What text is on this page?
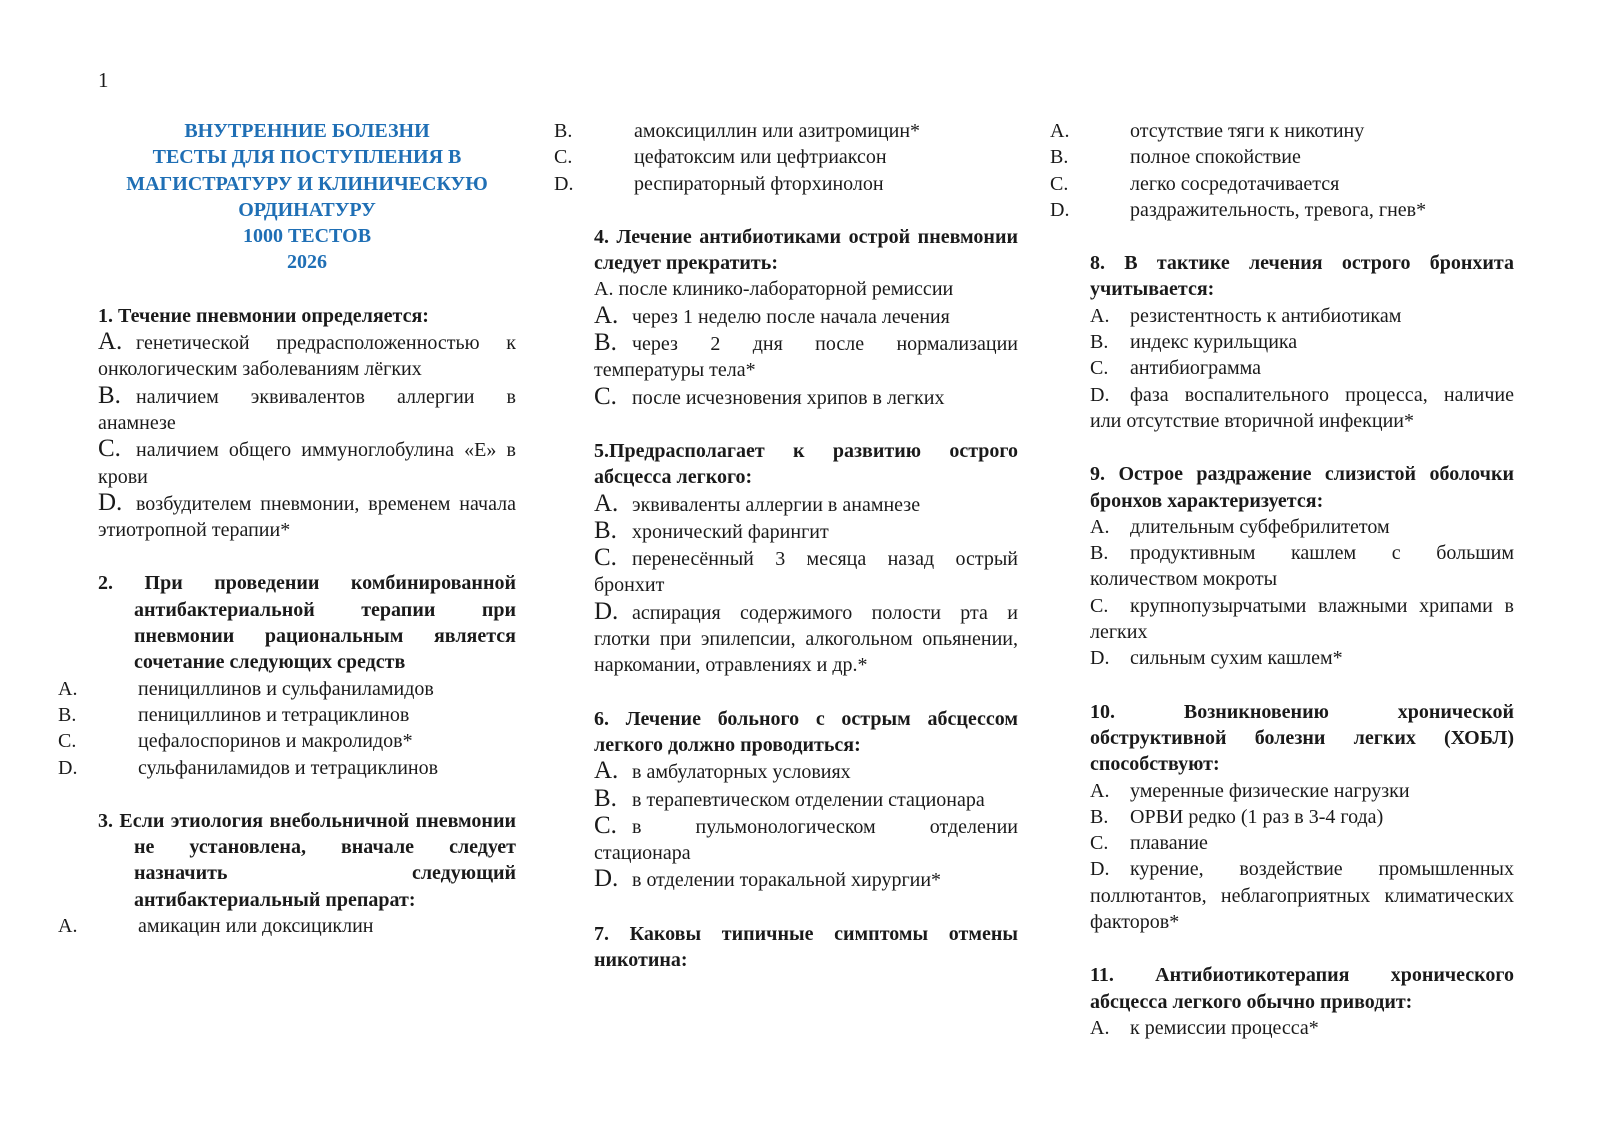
1
ВНУТРЕННИЕ БОЛЕЗНИ
ТЕСТЫ ДЛЯ ПОСТУПЛЕНИЯ В
МАГИСТРАТУРУ И КЛИНИЧЕСКУЮ
ОРДИНАТУРУ
1000 ТЕСТОВ
2026

1. Течение пневмонии определяется:

A. генетической предрасположенностью к онкологическим заболеваниям лёгких

B. наличием эквивалентов аллергии в анамнезе

C. наличием общего иммуноглобулина «Е» в крови

D. возбудителем пневмонии, временем начала этиотропной терапии*

2. При проведении комбинированной антибактериальной терапии при пневмонии рациональным является сочетание следующих средств

A.	пенициллинов и сульфаниламидов

B.	пенициллинов и тетрациклинов

C.	цефалоспоринов и макролидов*

D.	сульфаниламидов и тетрациклинов

3. Если этиология внебольничной пневмонии не установлена, вначале следует назначить следующий антибактериальный препарат:

A.	амикацин или доксициклин

B.	амоксициллин или азитромицин*

C.	цефатоксим или цефтриаксон

D.	респираторный фторхинолон

4. Лечение антибиотиками острой пневмонии следует прекратить:

A. после клинико-лабораторной ремиссии

A. через 1 неделю после начала лечения

B. через 2 дня после нормализации температуры тела*

C. после исчезновения хрипов в легких

5.Предрасполагает к развитию острого абсцесса легкого:

A. эквиваленты аллергии в анамнезе

B. хронический фарингит

C. перенесённый 3 месяца назад острый бронхит

D. аспирация содержимого полости рта и глотки при эпилепсии, алкогольном опьянении, наркомании, отравлениях и др.*

6. Лечение больного с острым абсцессом легкого должно проводиться:

A. в амбулаторных условиях

B. в терапевтическом отделении стационара

C. в пульмонологическом отделении стационара

D. в отделении торакальной хирургии*

7. Каковы типичные симптомы отмены никотина:

A.	отсутствие тяги к никотину

B.	полное спокойствие

C.	легко сосредотачивается

D.	раздражительность, тревога, гнев*

8. В тактике лечения острого бронхита учитывается:

A. резистентность к антибиотикам

B. индекс курильщика

C. антибиограмма

D. фаза воспалительного процесса, наличие или отсутствие вторичной инфекции*

9. Острое раздражение слизистой оболочки бронхов характеризуется:

A. длительным субфебрилитетом

B. продуктивным кашлем с большим количеством мокроты

C. крупнопузырчатыми влажными хрипами в легких

D. сильным сухим кашлем*

10. Возникновению хронической обструктивной болезни легких (ХОБЛ) способствуют:

A. умеренные физические нагрузки

B. ОРВИ редко (1 раз в 3-4 года)

C. плавание

D. курение, воздействие промышленных поллютантов, неблагоприятных климатических факторов*

11. Антибиотикотерапия хронического абсцесса легкого обычно приводит:

A. к ремиссии процесса*
